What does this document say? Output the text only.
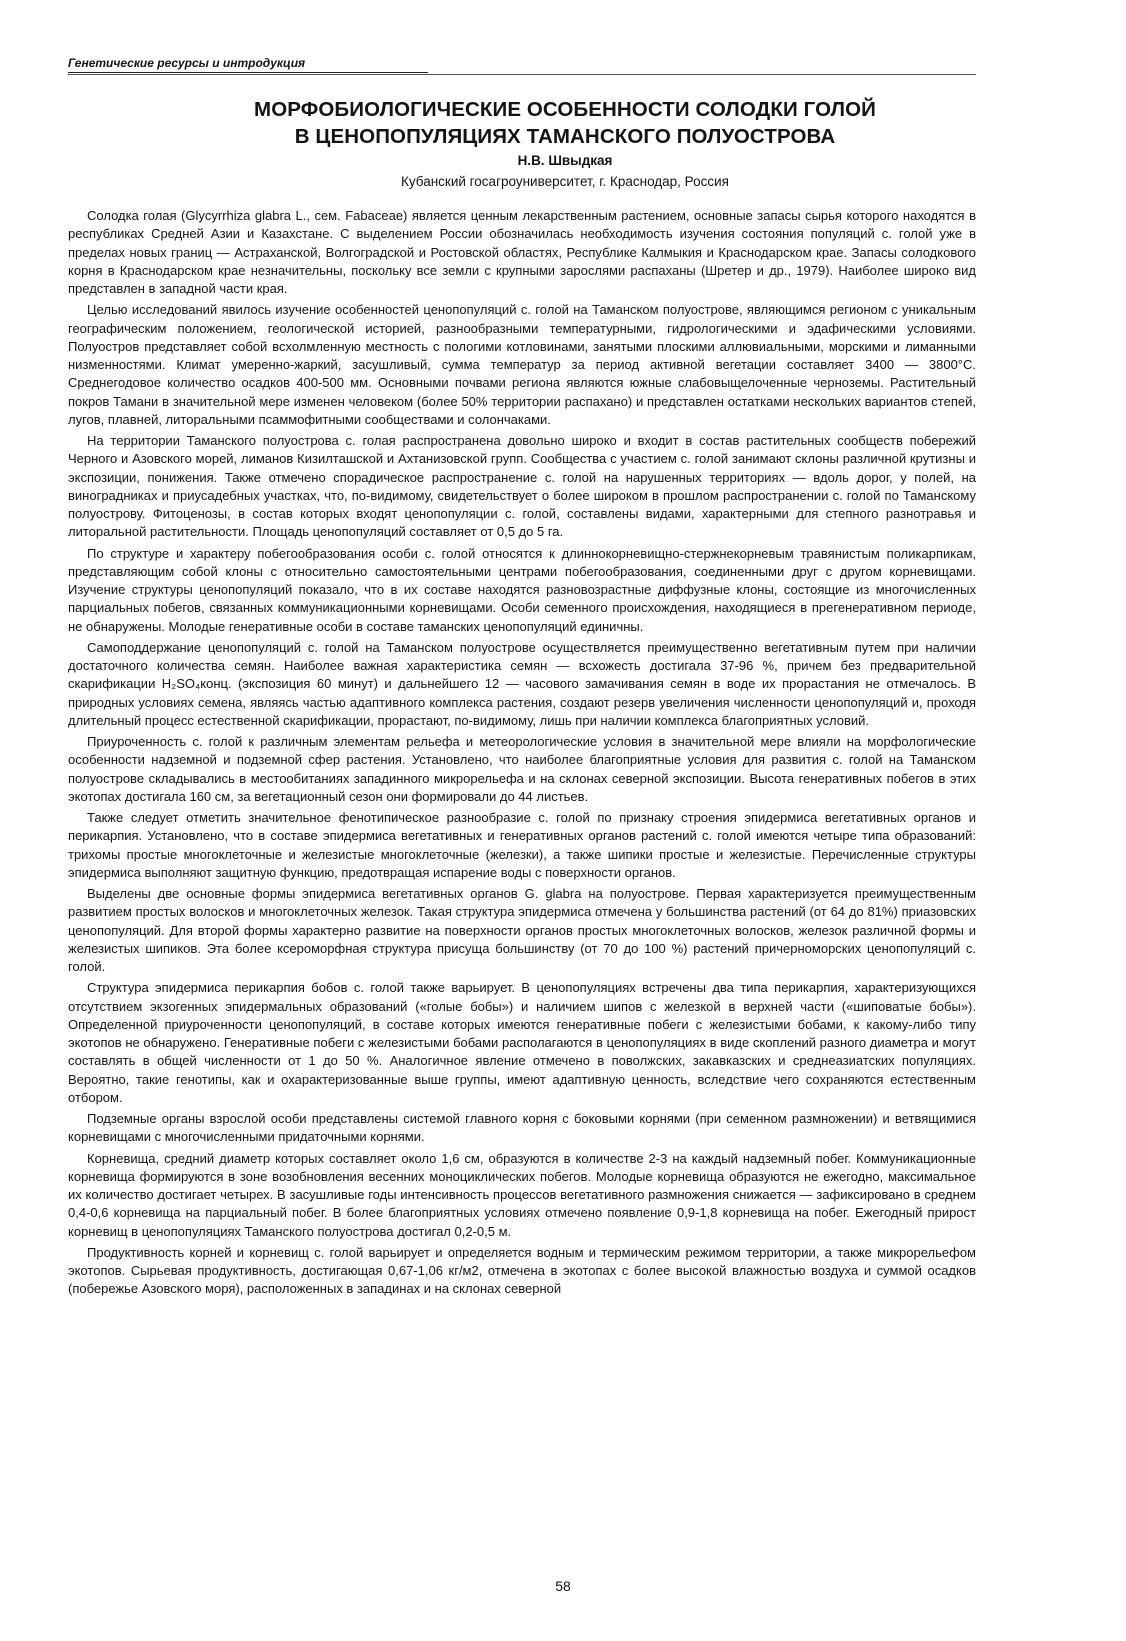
Генетические ресурсы и интродукция
МОРФОБИОЛОГИЧЕСКИЕ ОСОБЕННОСТИ СОЛОДКИ ГОЛОЙ
В ЦЕНОПОПУЛЯЦИЯХ ТАМАНСКОГО ПОЛУОСТРОВА
Н.В. Швыдкая
Кубанский госагроуниверситет, г. Краснодар, Россия

Солодка голая (Glycyrrhiza glabra L., сем. Fabaceae) является ценным лекарственным растением, основные запасы сырья которого находятся в республиках Средней Азии и Казахстане. С выделением России обозначилась необходимость изучения состояния популяций с. голой уже в пределах новых границ — Астраханской, Волгоградской и Ростовской областях, Республике Калмыкия и Краснодарском крае. Запасы солодкового корня в Краснодарском крае незначительны, поскольку все земли с крупными зарослями распаханы (Шретер и др., 1979). Наиболее широко вид представлен в западной части края.

Целью исследований явилось изучение особенностей ценопопуляций с. голой на Таманском полуострове, являющимся регионом с уникальным географическим положением, геологической историей, разнообразными температурными, гидрологическими и эдафическими условиями. Полуостров представляет собой всхолмленную местность с пологими котловинами, занятыми плоскими аллювиальными, морскими и лиманными низменностями. Климат умеренно-жаркий, засушливый, сумма температур за период активной вегетации составляет 3400 — 3800°С. Среднегодовое количество осадков 400-500 мм. Основными почвами региона являются южные слабовыщелоченные черноземы. Растительный покров Тамани в значительной мере изменен человеком (более 50% территории распахано) и представлен остатками нескольких вариантов степей, лугов, плавней, литоральными псаммофитными сообществами и солончаками.

На территории Таманского полуострова с. голая распространена довольно широко и входит в состав растительных сообществ побережий Черного и Азовского морей, лиманов Кизилташской и Ахтанизовской групп. Сообщества с участием с. голой занимают склоны различной крутизны и экспозиции, понижения. Также отмечено спорадическое распространение с. голой на нарушенных территориях — вдоль дорог, у полей, на виноградниках и приусадебных участках, что, по-видимому, свидетельствует о более широком в прошлом распространении с. голой по Таманскому полуострову. Фитоценозы, в состав которых входят ценопопуляции с. голой, составлены видами, характерными для степного разнотравья и литоральной растительности. Площадь ценопопуляций составляет от 0,5 до 5 га.

По структуре и характеру побегообразования особи с. голой относятся к длиннокорневищно-стержнекорневым травянистым поликарпикам, представляющим собой клоны с относительно самостоятельными центрами побегообразования, соединенными друг с другом корневищами. Изучение структуры ценопопуляций показало, что в их составе находятся разновозрастные диффузные клоны, состоящие из многочисленных парциальных побегов, связанных коммуникационными корневищами. Особи семенного происхождения, находящиеся в прегенеративном периоде, не обнаружены. Молодые генеративные особи в составе таманских ценопопуляций единичны.

Самоподдержание ценопопуляций с. голой на Таманском полуострове осуществляется преимущественно вегетативным путем при наличии достаточного количества семян. Наиболее важная характеристика семян — всхожесть достигала 37-96 %, причем без предварительной скарификации H₂SO₄конц. (экспозиция 60 минут) и дальнейшего 12 — часового замачивания семян в воде их прорастания не отмечалось. В природных условиях семена, являясь частью адаптивного комплекса растения, создают резерв увеличения численности ценопопуляций и, проходя длительный процесс естественной скарификации, прорастают, по-видимому, лишь при наличии комплекса благоприятных условий.

Приуроченность с. голой к различным элементам рельефа и метеорологические условия в значительной мере влияли на морфологические особенности надземной и подземной сфер растения. Установлено, что наиболее благоприятные условия для развития с. голой на Таманском полуострове складывались в местообитаниях западинного микрорельефа и на склонах северной экспозиции. Высота генеративных побегов в этих экотопах достигала 160 см, за вегетационный сезон они формировали до 44 листьев.

Также следует отметить значительное фенотипическое разнообразие с. голой по признаку строения эпидермиса вегетативных органов и перикарпия. Установлено, что в составе эпидермиса вегетативных и генеративных органов растений с. голой имеются четыре типа образований: трихомы простые многоклеточные и железистые многоклеточные (железки), а также шипики простые и железистые. Перечисленные структуры эпидермиса выполняют защитную функцию, предотвращая испарение воды с поверхности органов.

Выделены две основные формы эпидермиса вегетативных органов G. glabra на полуострове. Первая характеризуется преимущественным развитием простых волосков и многоклеточных железок. Такая структура эпидермиса отмечена у большинства растений (от 64 до 81%) приазовских ценопопуляций. Для второй формы характерно развитие на поверхности органов простых многоклеточных волосков, железок различной формы и железистых шипиков. Эта более ксероморфная структура присуща большинству (от 70 до 100 %) растений причерноморских ценопопуляций с. голой.

Структура эпидермиса перикарпия бобов с. голой также варьирует. В ценопопуляциях встречены два типа перикарпия, характеризующихся отсутствием экзогенных эпидермальных образований («голые бобы») и наличием шипов с железкой в верхней части («шиповатые бобы»). Определенной приуроченности ценопопуляций, в составе которых имеются генеративные побеги с железистыми бобами, к какому-либо типу экотопов не обнаружено. Генеративные побеги с железистыми бобами располагаются в ценопопуляциях в виде скоплений разного диаметра и могут составлять в общей численности от 1 до 50 %. Аналогичное явление отмечено в поволжских, закавказских и среднеазиатских популяциях. Вероятно, такие генотипы, как и охарактеризованные выше группы, имеют адаптивную ценность, вследствие чего сохраняются естественным отбором.

Подземные органы взрослой особи представлены системой главного корня с боковыми корнями (при семенном размножении) и ветвящимися корневищами с многочисленными придаточными корнями.

Корневища, средний диаметр которых составляет около 1,6 см, образуются в количестве 2-3 на каждый надземный побег. Коммуникационные корневища формируются в зоне возобновления весенних моноциклических побегов. Молодые корневища образуются не ежегодно, максимальное их количество достигает четырех. В засушливые годы интенсивность процессов вегетативного размножения снижается — зафиксировано в среднем 0,4-0,6 корневища на парциальный побег. В более благоприятных условиях отмечено появление 0,9-1,8 корневища на побег. Ежегодный прирост корневищ в ценопопуляциях Таманского полуострова достигал 0,2-0,5 м.

Продуктивность корней и корневищ с. голой варьирует и определяется водным и термическим режимом территории, а также микрорельефом экотопов. Сырьевая продуктивность, достигающая 0,67-1,06 кг/м2, отмечена в экотопах с более высокой влажностью воздуха и суммой осадков (побережье Азовского моря), расположенных в западинах и на склонах северной

58
